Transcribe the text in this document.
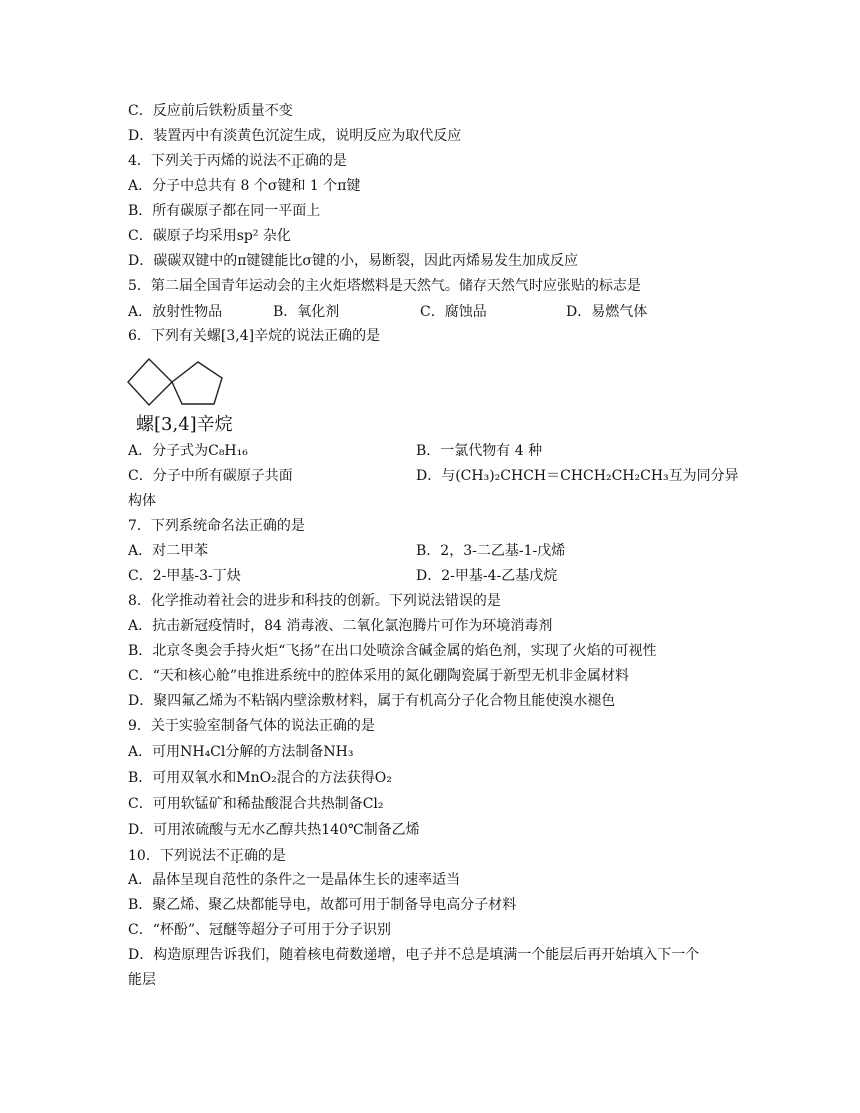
C．反应前后铁粉质量不变
D．装置丙中有淡黄色沉淀生成，说明反应为取代反应
4．下列关于丙烯的说法不正确的是
A．分子中总共有 8 个σ键和 1 个π键
B．所有碳原子都在同一平面上
C．碳原子均采用sp² 杂化
D．碳碳双键中的π键键能比σ键的小，易断裂，因此丙烯易发生加成反应
5．第二届全国青年运动会的主火炬塔燃料是天然气。储存天然气时应张贴的标志是
A．放射性物品	B．氧化剂	C．腐蚀品	D．易燃气体
6．下列有关螺[3,4]辛烷的说法正确的是
螺[3,4]辛烷
A．分子式为C₈H₁₆	B．一氯代物有 4 种
C．分子中所有碳原子共面	D．与(CH₃)₂CHCH＝CHCH₂CH₂CH₃互为同分异
构体
7．下列系统命名法正确的是
A．对二甲苯	B．2，3-二乙基-1-戊烯
C．2-甲基-3-丁炔	D．2-甲基-4-乙基戊烷
8．化学推动着社会的进步和科技的创新。下列说法错误的是
A．抗击新冠疫情时，84 消毒液、二氧化氯泡腾片可作为环境消毒剂
B．北京冬奥会手持火炬“飞扬”在出口处喷涂含碱金属的焰色剂，实现了火焰的可视性
C．“天和核心舱”电推进系统中的腔体采用的氮化硼陶瓷属于新型无机非金属材料
D．聚四氟乙烯为不粘锅内壁涂敷材料，属于有机高分子化合物且能使溴水褪色
9．关于实验室制备气体的说法正确的是
A．可用NH₄Cl分解的方法制备NH₃
B．可用双氧水和MnO₂混合的方法获得O₂
C．可用软锰矿和稀盐酸混合共热制备Cl₂
D．可用浓硫酸与无水乙醇共热140℃制备乙烯
10．下列说法不正确的是
A．晶体呈现自范性的条件之一是晶体生长的速率适当
B．聚乙烯、聚乙炔都能导电，故都可用于制备导电高分子材料
C．“杯酚”、冠醚等超分子可用于分子识别
D．构造原理告诉我们，随着核电荷数递增，电子并不总是填满一个能层后再开始填入下一个
能层
